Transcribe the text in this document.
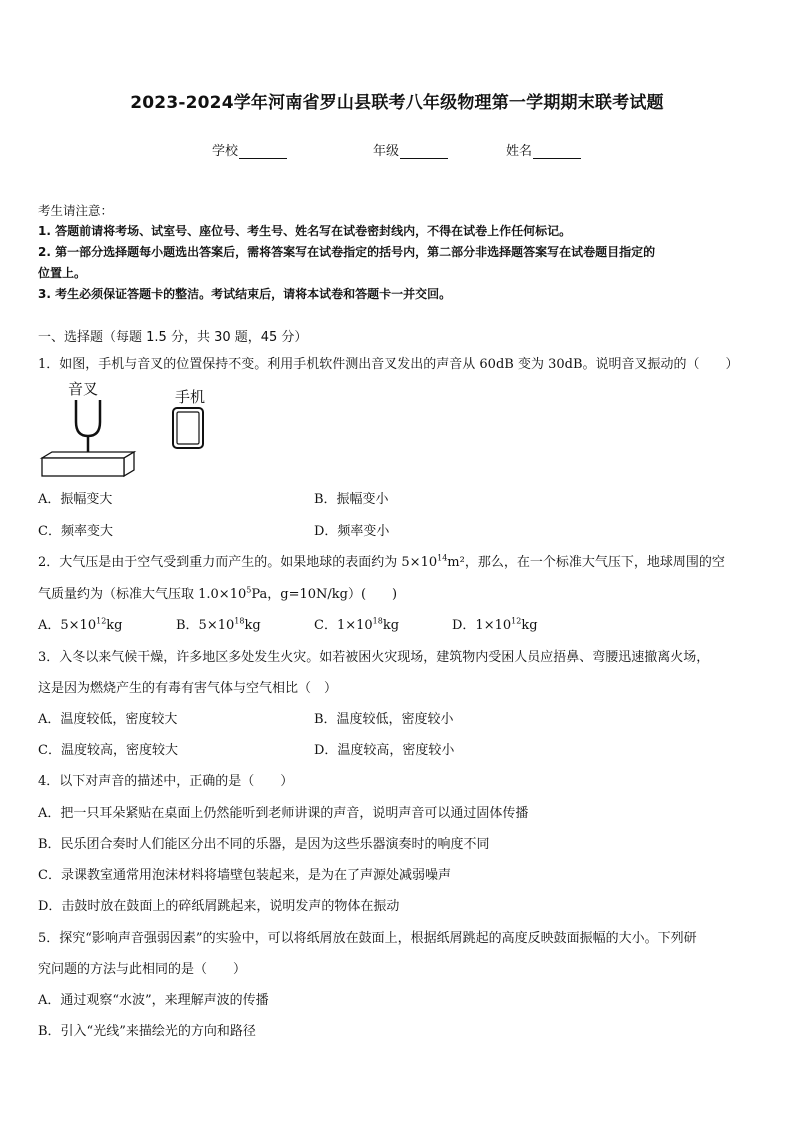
2023-2024学年河南省罗山县联考八年级物理第一学期期末联考试题
学校	年级	姓名
考生请注意：
1. 答题前请将考场、试室号、座位号、考生号、姓名写在试卷密封线内，不得在试卷上作任何标记。
2. 第一部分选择题每小题选出答案后，需将答案写在试卷指定的括号内，第二部分非选择题答案写在试卷题目指定的
位置上。
3. 考生必须保证答题卡的整洁。考试结束后，请将本试卷和答题卡一并交回。
一、选择题（每题 1.5 分，共 30 题，45 分）
1．如图，手机与音叉的位置保持不变。利用手机软件测出音叉发出的声音从 60dB 变为 30dB。说明音叉振动的（　　）
音叉	手机
A．振幅变大	B．振幅变小
C．频率变大	D．频率变小
2．大气压是由于空气受到重力而产生的。如果地球的表面约为 $5\times 10^{14}m^2$，那么，在一个标准大气压下，地球周围的空
气质量约为（标准大气压取 $1.0\times 10^5Pa$，g=10N/kg）(　　)
A．$5\times 10^{12}kg$	B．$5\times 10^{18}kg$	C．$1\times 10^{18}kg$	D．$1\times 10^{12}kg$
3．入冬以来气候干燥，许多地区多处发生火灾。如若被困火灾现场，建筑物内受困人员应捂鼻、弯腰迅速撤离火场，
这是因为燃烧产生的有毒有害气体与空气相比（　）
A．温度较低，密度较大	B．温度较低，密度较小
C．温度较高，密度较大	D．温度较高，密度较小
4．以下对声音的描述中，正确的是（　　）
A．把一只耳朵紧贴在桌面上仍然能听到老师讲课的声音，说明声音可以通过固体传播
B．民乐团合奏时人们能区分出不同的乐器，是因为这些乐器演奏时的响度不同
C．录课教室通常用泡沫材料将墙壁包装起来，是为在了声源处减弱噪声
D．击鼓时放在鼓面上的碎纸屑跳起来，说明发声的物体在振动
5．探究“影响声音强弱因素”的实验中，可以将纸屑放在鼓面上，根据纸屑跳起的高度反映鼓面振幅的大小。下列研
究问题的方法与此相同的是（　　）
A．通过观察“水波”，来理解声波的传播
B．引入“光线”来描绘光的方向和路径
